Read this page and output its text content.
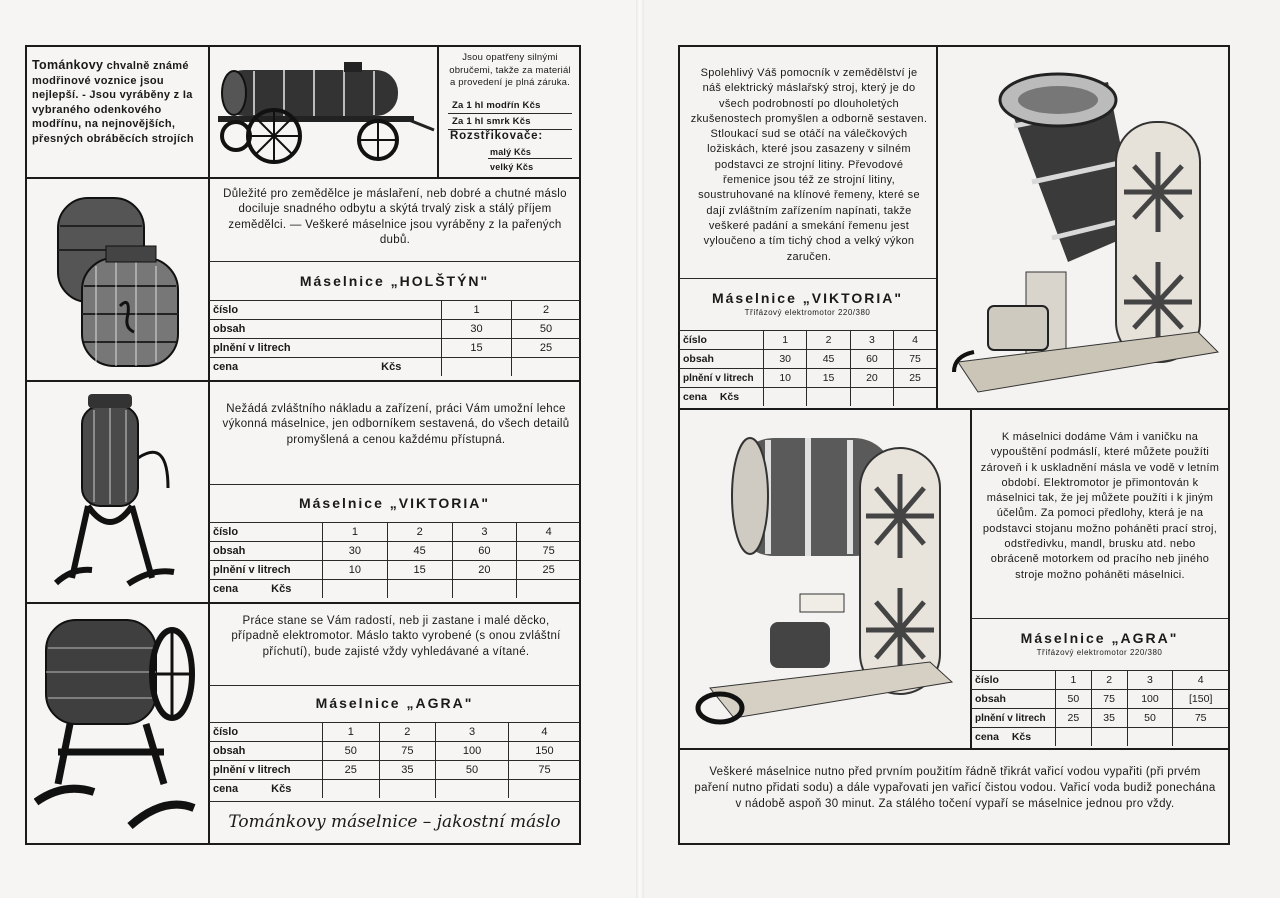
Tománkovy chvalně známé modřinové voznice jsou nejlepší. - Jsou vyráběny z Ia vybraného odenkového modřínu, na nejnovějších, přesných obráběcích strojích
Jsou opatřeny silnými obručemi, takže za materiál a provedení je plná záruka.
Za 1 hl modřín Kčs
Za 1 hl smrk Kčs
Rozstřikovače:
malý Kčs
velký Kčs
Důležité pro zemědělce je máslaření, neb dobré a chutné máslo dociluje snadného odbytu a skýtá trvalý zisk a stálý příjem zemědělci. — Veškeré máselnice jsou vyráběny z Ia pařených dubů.
Máselnice „HOLŠTÝN"
číslo	1	2
obsah	30	50
plnění v litrech	15	25
cena Kčs		
Nežádá zvláštního nákladu a zařízení, práci Vám umožní lehce výkonná máselnice, jen odborníkem sestavená, do všech detailů promyšlená a cenou každému přístupná.
Máselnice „VIKTORIA"
číslo	1	2	3	4
obsah	30	45	60	75
plnění v litrech	10	15	20	25
cena Kčs				
Práce stane se Vám radostí, neb ji zastane i malé děcko, případně elektromotor. Máslo takto vyrobené (s onou zvláštní příchutí), bude zajisté vždy vyhledávané a vítané.
Máselnice „AGRA"
číslo	1	2	3	4
obsah	50	75	100	150
plnění v litrech	25	35	50	75
cena Kčs				
Tománkovy máselnice – jakostní máslo
Spolehlivý Váš pomocník v zemědělství je náš elektrický máslařský stroj, který je do všech podrobností po dlouholetých zkušenostech promyšlen a odborně sestaven. Stloukací sud se otáčí na válečkových ložiskách, které jsou zasazeny v silném podstavci ze strojní litiny. Převodové řemenice jsou též ze strojní litiny, soustruhované na klínové řemeny, které se dají zvláštním zařízením napínati, takže veškeré padání a smekání řemenu jest vyloučeno a tím tichý chod a velký výkon zaručen.
Máselnice „VIKTORIA"
Třífázový elektromotor 220/380
číslo	1	2	3	4
obsah	30	45	60	75
plnění v litrech	10	15	20	25
cena Kčs				
K máselnici dodáme Vám i vaničku na vypouštění podmáslí, které můžete použíti zároveň i k uskladnění másla ve vodě v letním období. Elektromotor je přimontován k máselnici tak, že jej můžete použíti i k jiným účelům. Za pomoci předlohy, která je na podstavci stojanu možno poháněti prací stroj, odstředivku, mandl, brusku atd. nebo obráceně motorkem od pracího neb jiného stroje možno poháněti máselnici.
Máselnice „AGRA"
Třífázový elektromotor 220/380
číslo	1	2	3	4
obsah	50	75	100	[150]
plnění v litrech	25	35	50	75
cena Kčs				
Veškeré máselnice nutno před prvním použitím řádně třikrát vařicí vodou vypařiti (při prvém paření nutno přidati sodu) a dále vypařovati jen vařicí čistou vodou. Vařicí voda budiž ponechána v nádobě aspoň 30 minut. Za stálého točení vypaří se máselnice jednou pro vždy.
